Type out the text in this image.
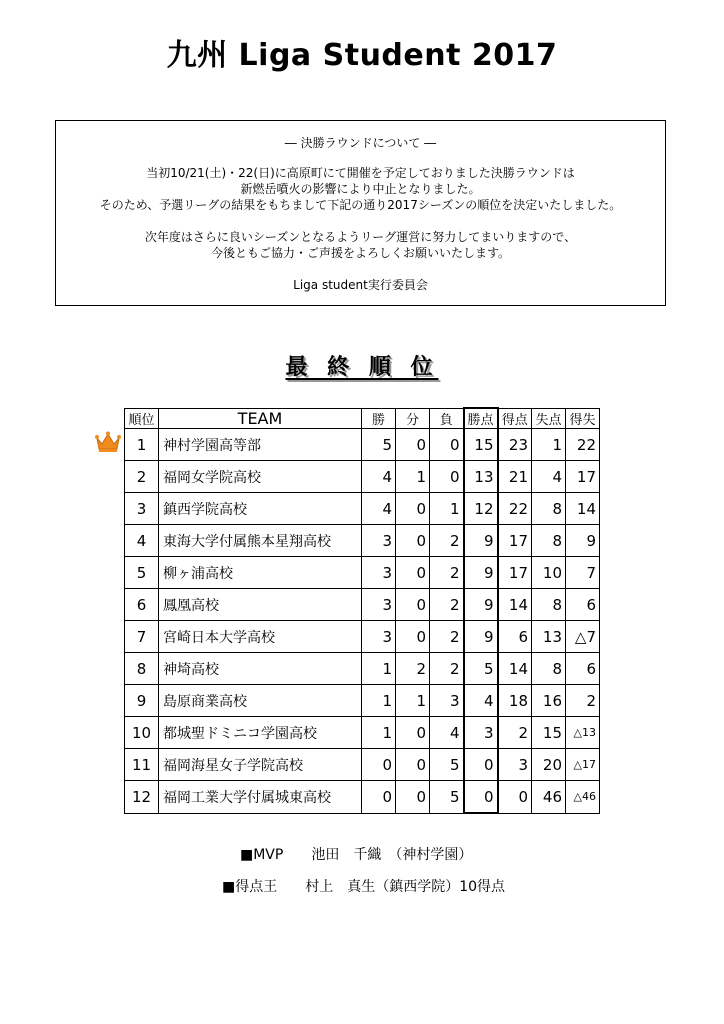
九州 Liga Student 2017
― 決勝ラウンドについて ―
当初10/21(土)・22(日)に高原町にて開催を予定しておりました決勝ラウンドは
新燃岳噴火の影響により中止となりました。
そのため、予選リーグの結果をもちまして下記の通り2017シーズンの順位を決定いたしました。
次年度はさらに良いシーズンとなるようリーグ運営に努力してまいりますので、
今後ともご協力・ご声援をよろしくお願いいたします。
Liga student実行委員会
最 終 順 位
順位	TEAM	勝	分	負	勝点	得点	失点	得失
1	神村学園高等部	5	0	0	15	23	1	22
2	福岡女学院高校	4	1	0	13	21	4	17
3	鎮西学院高校	4	0	1	12	22	8	14
4	東海大学付属熊本星翔高校	3	0	2	9	17	8	9
5	柳ヶ浦高校	3	0	2	9	17	10	7
6	鳳凰高校	3	0	2	9	14	8	6
7	宮崎日本大学高校	3	0	2	9	6	13	△7
8	神埼高校	1	2	2	5	14	8	6
9	島原商業高校	1	1	3	4	18	16	2
10	都城聖ドミニコ学園高校	1	0	4	3	2	15	△13
11	福岡海星女子学院高校	0	0	5	0	3	20	△17
12	福岡工業大学付属城東高校	0	0	5	0	0	46	△46
■MVP　　池田　千織　（神村学園）
■得点王　　村上　真生（鎮西学院）10得点
